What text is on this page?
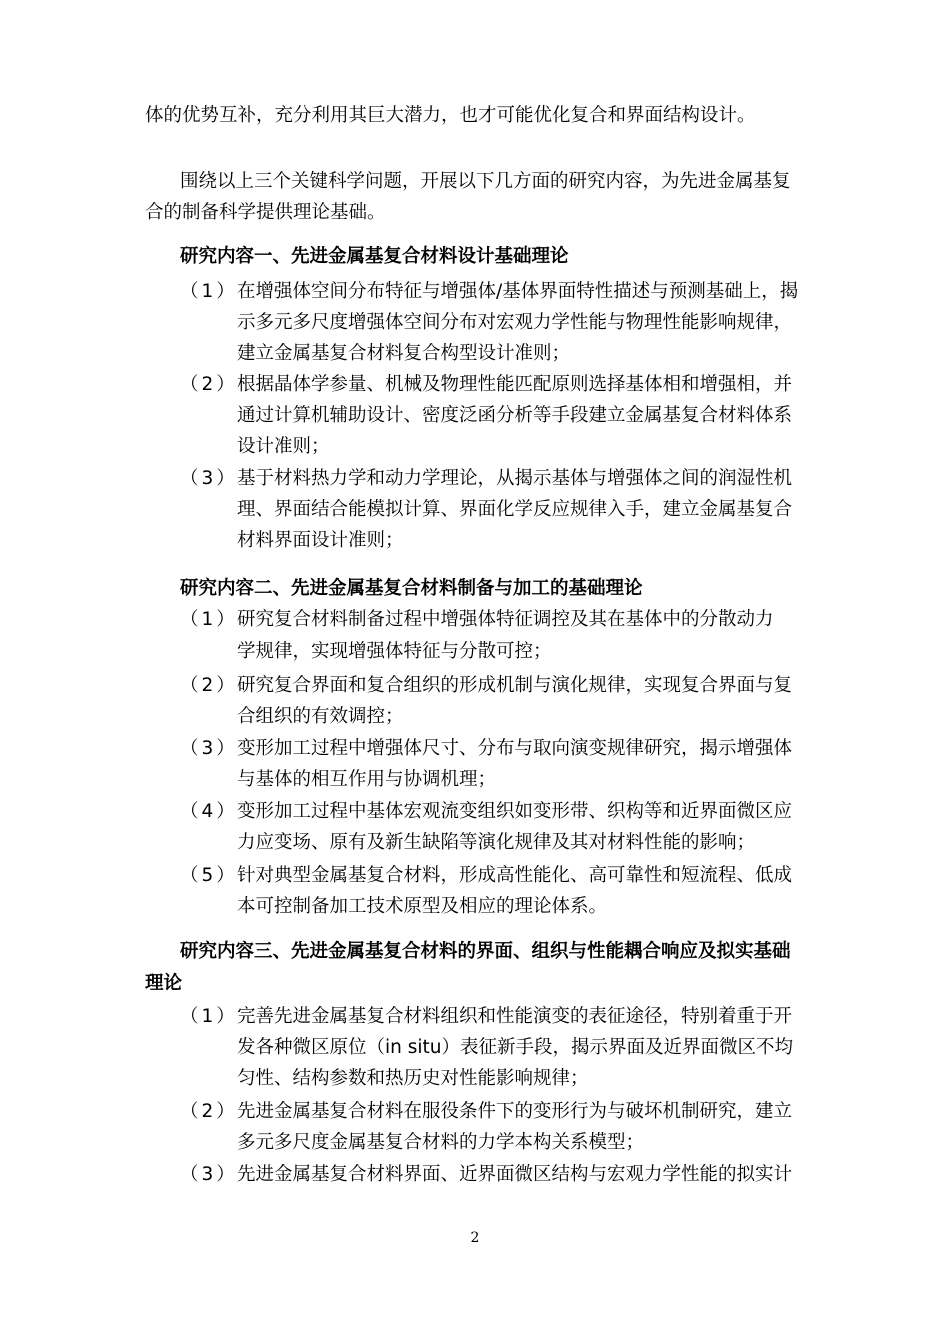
体的优势互补，充分利用其巨大潜力，也才可能优化复合和界面结构设计。
围绕以上三个关键科学问题，开展以下几方面的研究内容，为先进金属基复
合的制备科学提供理论基础。
研究内容一、先进金属基复合材料设计基础理论
（1） 在增强体空间分布特征与增强体/基体界面特性描述与预测基础上，揭
示多元多尺度增强体空间分布对宏观力学性能与物理性能影响规律，
建立金属基复合材料复合构型设计准则；
（2） 根据晶体学参量、机械及物理性能匹配原则选择基体相和增强相，并
通过计算机辅助设计、密度泛函分析等手段建立金属基复合材料体系
设计准则；
（3） 基于材料热力学和动力学理论，从揭示基体与增强体之间的润湿性机
理、界面结合能模拟计算、界面化学反应规律入手，建立金属基复合
材料界面设计准则；
研究内容二、先进金属基复合材料制备与加工的基础理论
（1） 研究复合材料制备过程中增强体特征调控及其在基体中的分散动力
学规律，实现增强体特征与分散可控；
（2） 研究复合界面和复合组织的形成机制与演化规律，实现复合界面与复
合组织的有效调控；
（3） 变形加工过程中增强体尺寸、分布与取向演变规律研究，揭示增强体
与基体的相互作用与协调机理；
（4） 变形加工过程中基体宏观流变组织如变形带、织构等和近界面微区应
力应变场、原有及新生缺陷等演化规律及其对材料性能的影响；
（5） 针对典型金属基复合材料，形成高性能化、高可靠性和短流程、低成
本可控制备加工技术原型及相应的理论体系。
研究内容三、先进金属基复合材料的界面、组织与性能耦合响应及拟实基础
理论
（1） 完善先进金属基复合材料组织和性能演变的表征途径，特别着重于开
发各种微区原位（in situ）表征新手段，揭示界面及近界面微区不均
匀性、结构参数和热历史对性能影响规律；
（2） 先进金属基复合材料在服役条件下的变形行为与破坏机制研究，建立
多元多尺度金属基复合材料的力学本构关系模型；
（3） 先进金属基复合材料界面、近界面微区结构与宏观力学性能的拟实计
2
